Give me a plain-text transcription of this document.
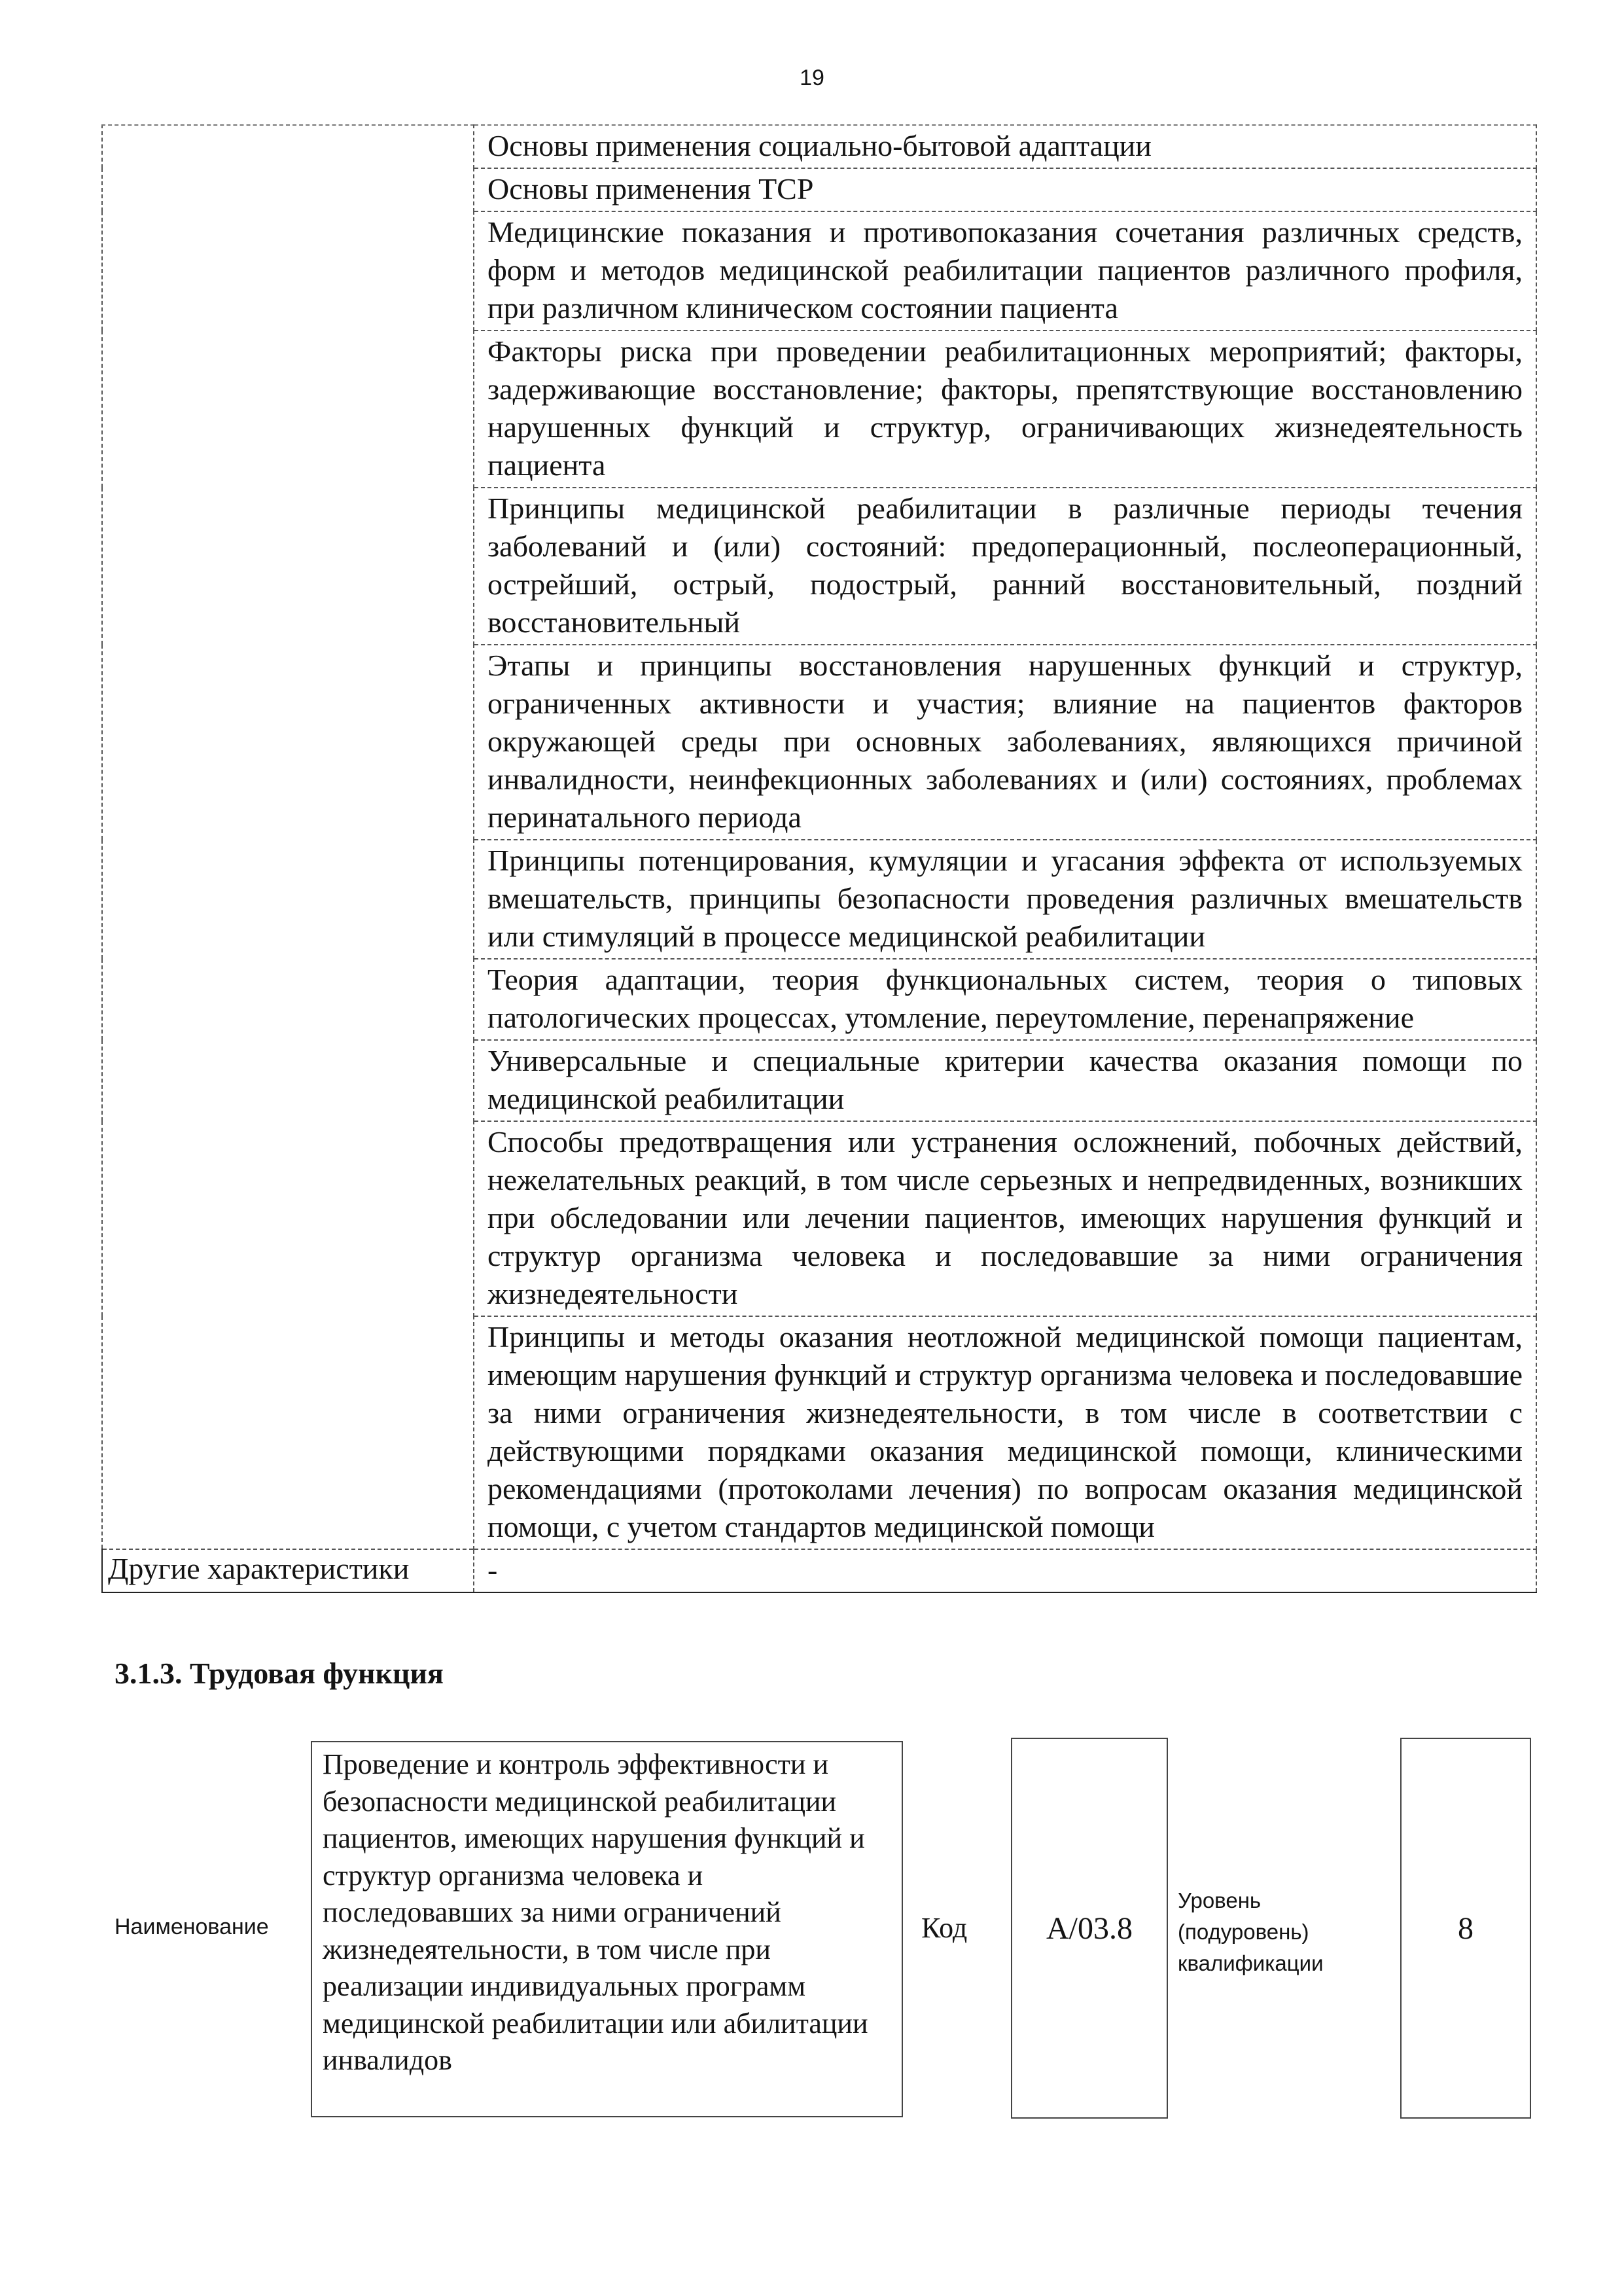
19
	Основы применения социально-бытовой адаптации
	Основы применения ТСР
	Медицинские показания и противопоказания сочетания различных средств, форм и методов медицинской реабилитации пациентов различного профиля, при различном клиническом состоянии пациента
	Факторы риска при проведении реабилитационных мероприятий; факторы, задерживающие восстановление; факторы, препятствующие восстановлению нарушенных функций и структур, ограничивающих жизнедеятельность пациента
	Принципы медицинской реабилитации в различные периоды течения заболеваний и (или) состояний: предоперационный, послеоперационный, острейший, острый, подострый, ранний восстановительный, поздний восстановительный
	Этапы и принципы восстановления нарушенных функций и структур, ограниченных активности и участия; влияние на пациентов факторов окружающей среды при основных заболеваниях, являющихся причиной инвалидности, неинфекционных заболеваниях и (или) состояниях, проблемах перинатального периода
	Принципы потенцирования, кумуляции и угасания эффекта от используемых вмешательств, принципы безопасности проведения различных вмешательств или стимуляций в процессе медицинской реабилитации
	Теория адаптации, теория функциональных систем, теория о типовых патологических процессах, утомление, переутомление, перенапряжение
	Универсальные и специальные критерии качества оказания помощи по медицинской реабилитации
	Способы предотвращения или устранения осложнений, побочных действий, нежелательных реакций, в том числе серьезных и непредвиденных, возникших при обследовании или лечении пациентов, имеющих нарушения функций и структур организма человека и последовавшие за ними ограничения жизнедеятельности
	Принципы и методы оказания неотложной медицинской помощи пациентам, имеющим нарушения функций и структур организма человека и последовавшие за ними ограничения жизнедеятельности, в том числе в соответствии с действующими порядками оказания медицинской помощи, клиническими рекомендациями (протоколами лечения) по вопросам оказания медицинской помощи, с учетом стандартов медицинской помощи
Другие характеристики	-
3.1.3. Трудовая функция
Наименование
Проведение и контроль эффективности и безопасности медицинской реабилитации пациентов, имеющих нарушения функций и структур организма человека и последовавших за ними ограничений жизнедеятельности, в том числе при реализации индивидуальных программ медицинской реабилитации или абилитации инвалидов
Код	A/03.8
Уровень (подуровень) квалификации
8
